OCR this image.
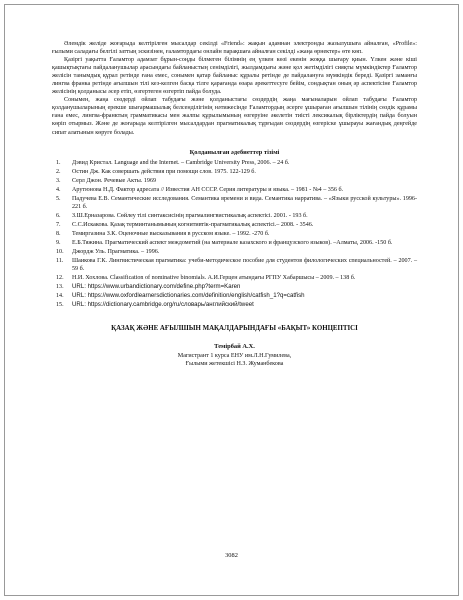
Әлемдік желіде жоғарыда келтірілген мысалдар секілді «Friend»: жақын адамнан электронды жазылушыға айналған, «Profile»: ғылыми саладағы белгілі заттың эскизінен, ғаламтордағы онлайн парақшаға айналған секілді «жаңа өрнектер» өте көп.

Қазіргі уақытта Ғаламтор адамзат бұрын-соңды білмеген білімнің ең үлкен көзі екенін жоққа шығару қиын. Үлкен және кішi қашықтықтағы пайдаланушылар арасындағы байланыстың сенімділігі, жылдамдығы және қол жетімділігі сияқты мүмкіндіктер Ғаламтор желісін танымдық құрал ретінде ғана емес, сонымен қатар байланыс құралы ретінде де пайдалануға мүмкіндік береді. Қазіргі заманғы лингва франка ретінде ағылшын тілі кез-келген басқа тілге қарағанда өзара әрекеттесуге бейім, сондықтан оның әр аспектісіне Ғаламтор желісінің қолданысы әсер етіп, өзгертеген өзгертіп пайда болуда.

Сонымен, жаңа сөздерді ойлап табудағы және қолданыстағы сөздердің жаңа мағыналарын ойлап табудағы Ғаламтор қолданушыларының ерекше шығармашылық белсенділігінің нәтижесінде Ғаламтордың әсерге ұшыраған ағылшын тілінің сөздік құрамы ғана емес, лингва-франктың грамматикасы мен жалпы құрылымының өзгеруіне әкелетін тиісті лексикалық бірліктердің пайда болуын көріп отырмыз. Және де жоғарыда келтірілген мысалдардан прагматикалық тұрғыдан сөздердің өзгеріске ұшырауы жағандық деңгейде сипат алатынын көруге болады.

Қолданылған әдебиеттер тізімі
1. Дэвид Кристал. Language and the Internet. – Cambridge University Press, 2006. – 24 б.
2. Остин Дж. Как совершать действия при помощи слов. 1975. 122-129 б.
3. Серл Джон. Речевые Акты. 1969
4. Арутюнова Н.Д. Фактор адресата // Известия АН СССР. Серия литературы и языка. – 1981 - №4 – 356 б.
5. Падучева Е.В. Семантические исследования. Семантика времени и вида. Семантика нарратива. – «Языки русской культуры». 1996- 221 б.
6. З.Ш.Ерназарова. Сөйлеу тілі синтаксисінің прагмалингвистикалық аспектісі. 2001. - 193 б.
7. С.С.Искакова. Қазақ терминтанымының когнитивтік-прагматикалық аспектісі.– 2008. - 3546.
8. Темиргазина З.К. Оценочные высказывания в русском языке. – 1992. -270 б.
9. Е.Б.Тяжина. Прагматический аспект междометий (на материале казахского и французского языков). –Алматы, 2006. -150 б.
10. Джордж Уль. Прагматика. – 1996.
11. Шаикова Г.К. Лингвистическая прагматика: учеби-методическое пособие для студентов филологических специальностей. – 2007. – 59 б.
12. Н.И. Хохлова. Classification of nominative binomials. А.И.Герцен атындағы РГПУ Хабаршысы – 2009. – 138 б.
13. URL: https://www.urbandictionary.com/define.php?term=Karen
14. URL: https://www.oxfordlearnersdictionaries.com/definition/english/catfish_1?q=catfish
15. URL: https://dictionary.cambridge.org/ru/словарь/английский/tweet
ҚАЗАҚ ЖӘНЕ АҒЫЛШЫН МАҚАЛДАРЫНДАҒЫ «БАҚЫТ» КОНЦЕПТІСІ
Темірбай А.Х.
Магистрант 1 курса ЕНУ им.Л.Н.Гумилева,
Ғылыми жетекшісі Н.З. Жуманбекова
3082
